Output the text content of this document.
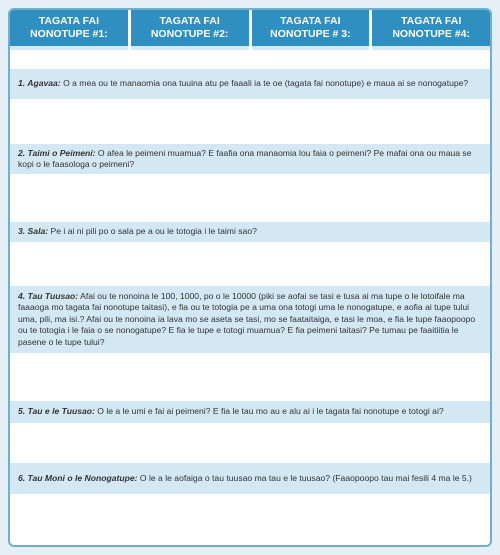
TAGATA FAI NONOTUPE #1:
TAGATA FAI NONOTUPE #2:
TAGATA FAI NONOTUPE # 3:
TAGATA FAI NONOTUPE #4:
1. Agavaa: O a mea ou te manaomia ona tuuina atu pe faaali ia te oe (tagata fai nonotupe) e maua ai se nonogatupe?
2. Taimi o Peimeni: O afea le peimeni muamua? E faafia ona manaomia lou faia o peimeni? Pe mafai ona ou maua se kopi o le faasologa o peimeni?
3. Sala: Pe i ai ni pili po o sala pe a ou le totogia i le taimi sao?
4. Tau Tuusao: Afai ou te nonoina le 100, 1000, po o le 10000 (piki se aofai se tasi e tusa ai ma tupe o le lotoifale ma faaaoga mo tagata fai nonotupe taitasi), e fia ou te totogia pe a uma ona totogi uma le nonogatupe, e aofia ai tupe tului uma, pili, ma isi.? Afai ou te nonoina ia lava mo se aseta se tasi, mo se faataitaiga, e tasi le moa, e fia le tupe faaopoopo ou te totogia i le faia o se nonogatupe? E fia le tupe e totogi muamua? E fia peimeni taitasi? Pe tumau pe faaitiitia le pasene o le tupe tului?
5. Tau e le Tuusao: O le a le umi e fai ai peimeni? E fia le tau mo au e alu ai i le tagata fai nonotupe e totogi ai?
6. Tau Moni o le Nonogatupe: O le a le aofaiga o tau tuusao ma tau e le tuusao? (Faaopoopo tau mai fesili 4 ma le 5.)
